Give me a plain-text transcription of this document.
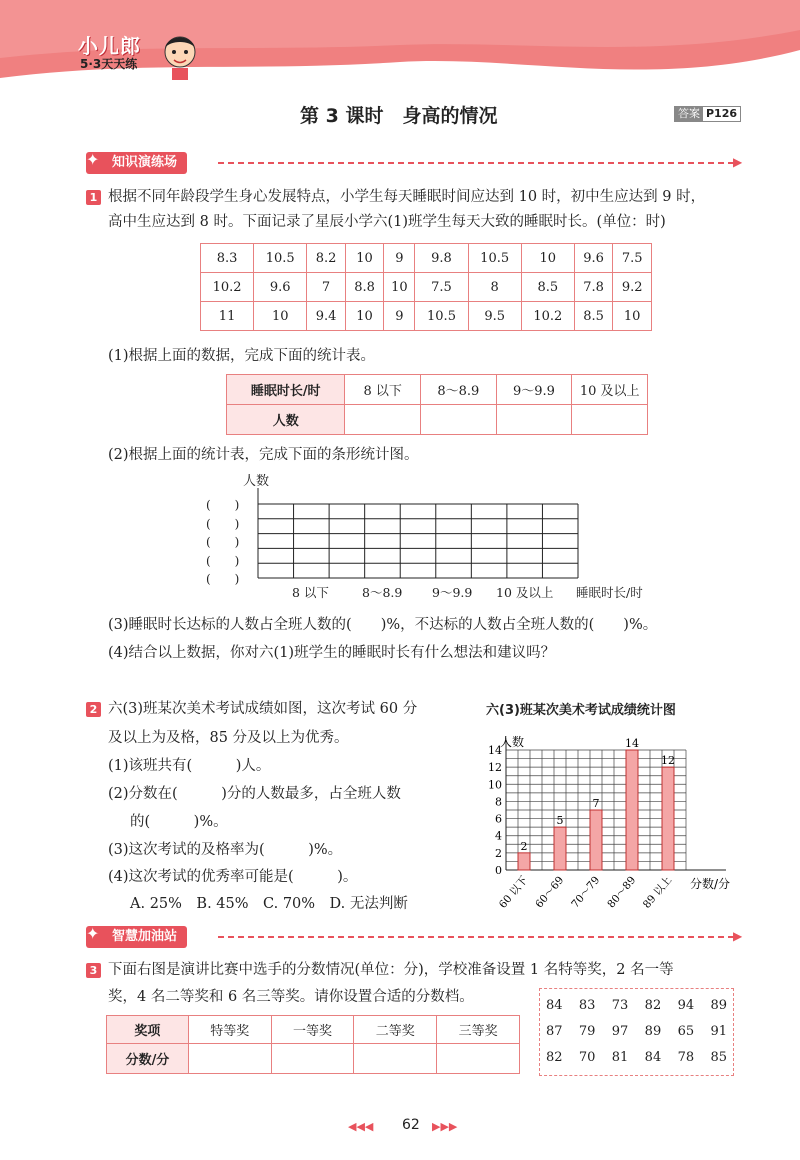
小儿郎
5·3天天练
第 3 课时　身高的情况	答案 P126
知识演练场
✦	▶
1 根据不同年龄段学生身心发展特点，小学生每天睡眠时间应达到 10 时，初中生应达到 9 时，
高中生应达到 8 时。下面记录了星辰小学六(1)班学生每天大致的睡眠时长。(单位：时)
8.3	10.5	8.2	10	9	9.8	10.5	10	9.6	7.5
10.2	9.6	7	8.8	10	7.5	8	8.5	7.8	9.2
11	10	9.4	10	9	10.5	9.5	10.2	8.5	10
(1)根据上面的数据，完成下面的统计表。
睡眠时长/时	8 以下	8～8.9	9～9.9	10 及以上
人数				
(2)根据上面的统计表，完成下面的条形统计图。
人数
(　　)
(　　)
(　　)
(　　)
(　　)
8 以下	8～8.9 9～9.9 10 及以上 睡眠时长/时
(3)睡眠时长达标的人数占全班人数的(　　)%，不达标的人数占全班人数的(　　)%。
(4)结合以上数据，你对六(1)班学生的睡眠时长有什么想法和建议吗？
2 六(3)班某次美术考试成绩如图，这次考试 60 分
及以上为及格，85 分及以上为优秀。
(1)该班共有(　　　)人。
(2)分数在(　　　)分的人数最多，占全班人数
的(　　　)%。
(3)这次考试的及格率为(　　　)%。
(4)这次考试的优秀率可能是(　　　)。
A. 25%　B. 45%　C. 70%　D. 无法判断
六(3)班某次美术考试成绩统计图
人数
0
2
4
6
8
10
12
14
2
60 以下
5
60～69
7
70～79
14
80～89
12
89 以上 分数/分
智慧加油站
✦	▶
3 下面右图是演讲比赛中选手的分数情况(单位：分)，学校准备设置 1 名特等奖，2 名一等
奖，4 名二等奖和 6 名三等奖。请你设置合适的分数档。
奖项	特等奖	一等奖	二等奖	三等奖
分数/分				
84 83 73 82 94 89
87 79 97 89 65 91
82 70 81 84 78 85
◀◀◀ 62 ▶▶▶
